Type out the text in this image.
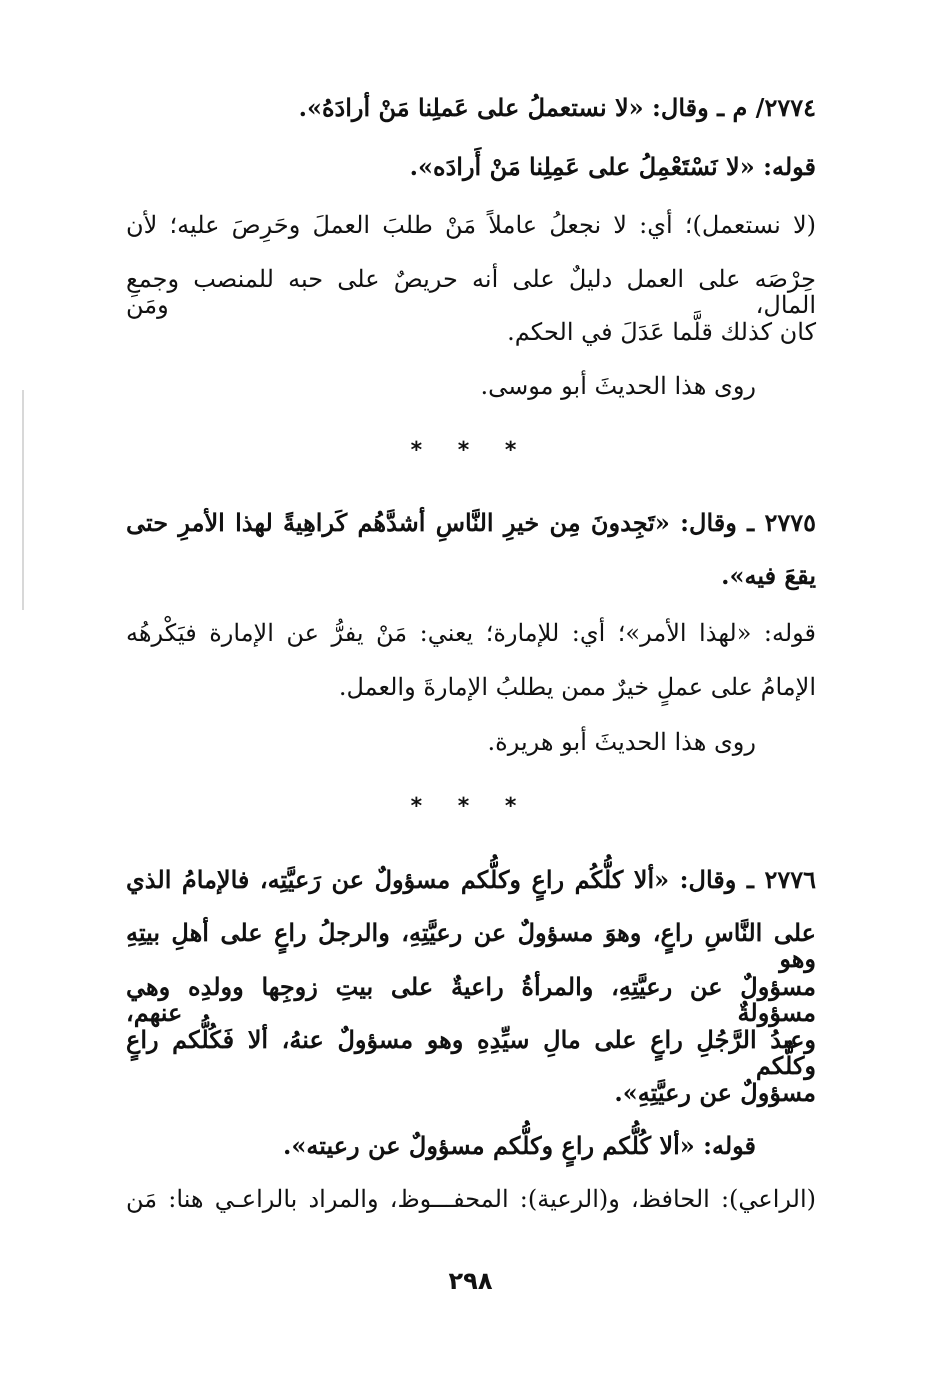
٢٧٧٤/ م ـ وقال: «لا نستعملُ على عَملِنا مَنْ أرادَهُ».
قوله: «لا نَسْتَعْمِلُ على عَمِلِنا مَنْ أَرادَه».
(لا نستعمل)؛ أي: لا نجعلُ عاملاً مَنْ طلبَ العملَ وحَرِصَ عليه؛ لأن
حِرْصَه على العمل دليلٌ على أنه حريصٌ على حبه للمنصب وجمعِ المال، ومَن
كان كذلك قلَّما عَدَلَ في الحكم.
روى هذا الحديثَ أبو موسى.
* * *
٢٧٧٥ ـ وقال: «تَجِدونَ مِن خيرِ النَّاسِ أشدَّهُم كَراهِيةً لهذا الأمرِ حتى
يقعَ فيه».
قوله: «لهذا الأمر»؛ أي: للإمارة؛ يعني: مَنْ يفرُّ عن الإمارة فيَكْرهُه
الإمامُ على عملٍ خيرٌ ممن يطلبُ الإمارةَ والعمل.
روى هذا الحديثَ أبو هريرة.
* * *
٢٧٧٦ ـ وقال: «ألا كلُّكُم راعٍ وكلُّكم مسؤولٌ عن رَعيَّتِه، فالإمامُ الذي
على النَّاسِ راعٍ، وهوَ مسؤولٌ عن رعيَّتِهِ، والرجلُ راعٍ على أهلِ بيتِهِ وهو
مسؤولٌ عن رعيَّتِهِ، والمرأةُ راعيةٌ على بيتِ زوجِها وولدِه وهي مسؤولةٌ عنهم،
وعبدُ الرَّجُلِ راعٍ على مالِ سيِّدِهِ وهو مسؤولٌ عنهُ، ألا فَكُلُّكم راعٍ وكلُّكم
مسؤولٌ عن رعيَّتِهِ».
قوله: «ألا كُلُّكم راعٍ وكلُّكم مسؤولٌ عن رعيته».
(الراعي): الحافظ، و(الرعية): المحفـــوظ، والمراد بالراعـي هنا: مَن
٢٩٨
